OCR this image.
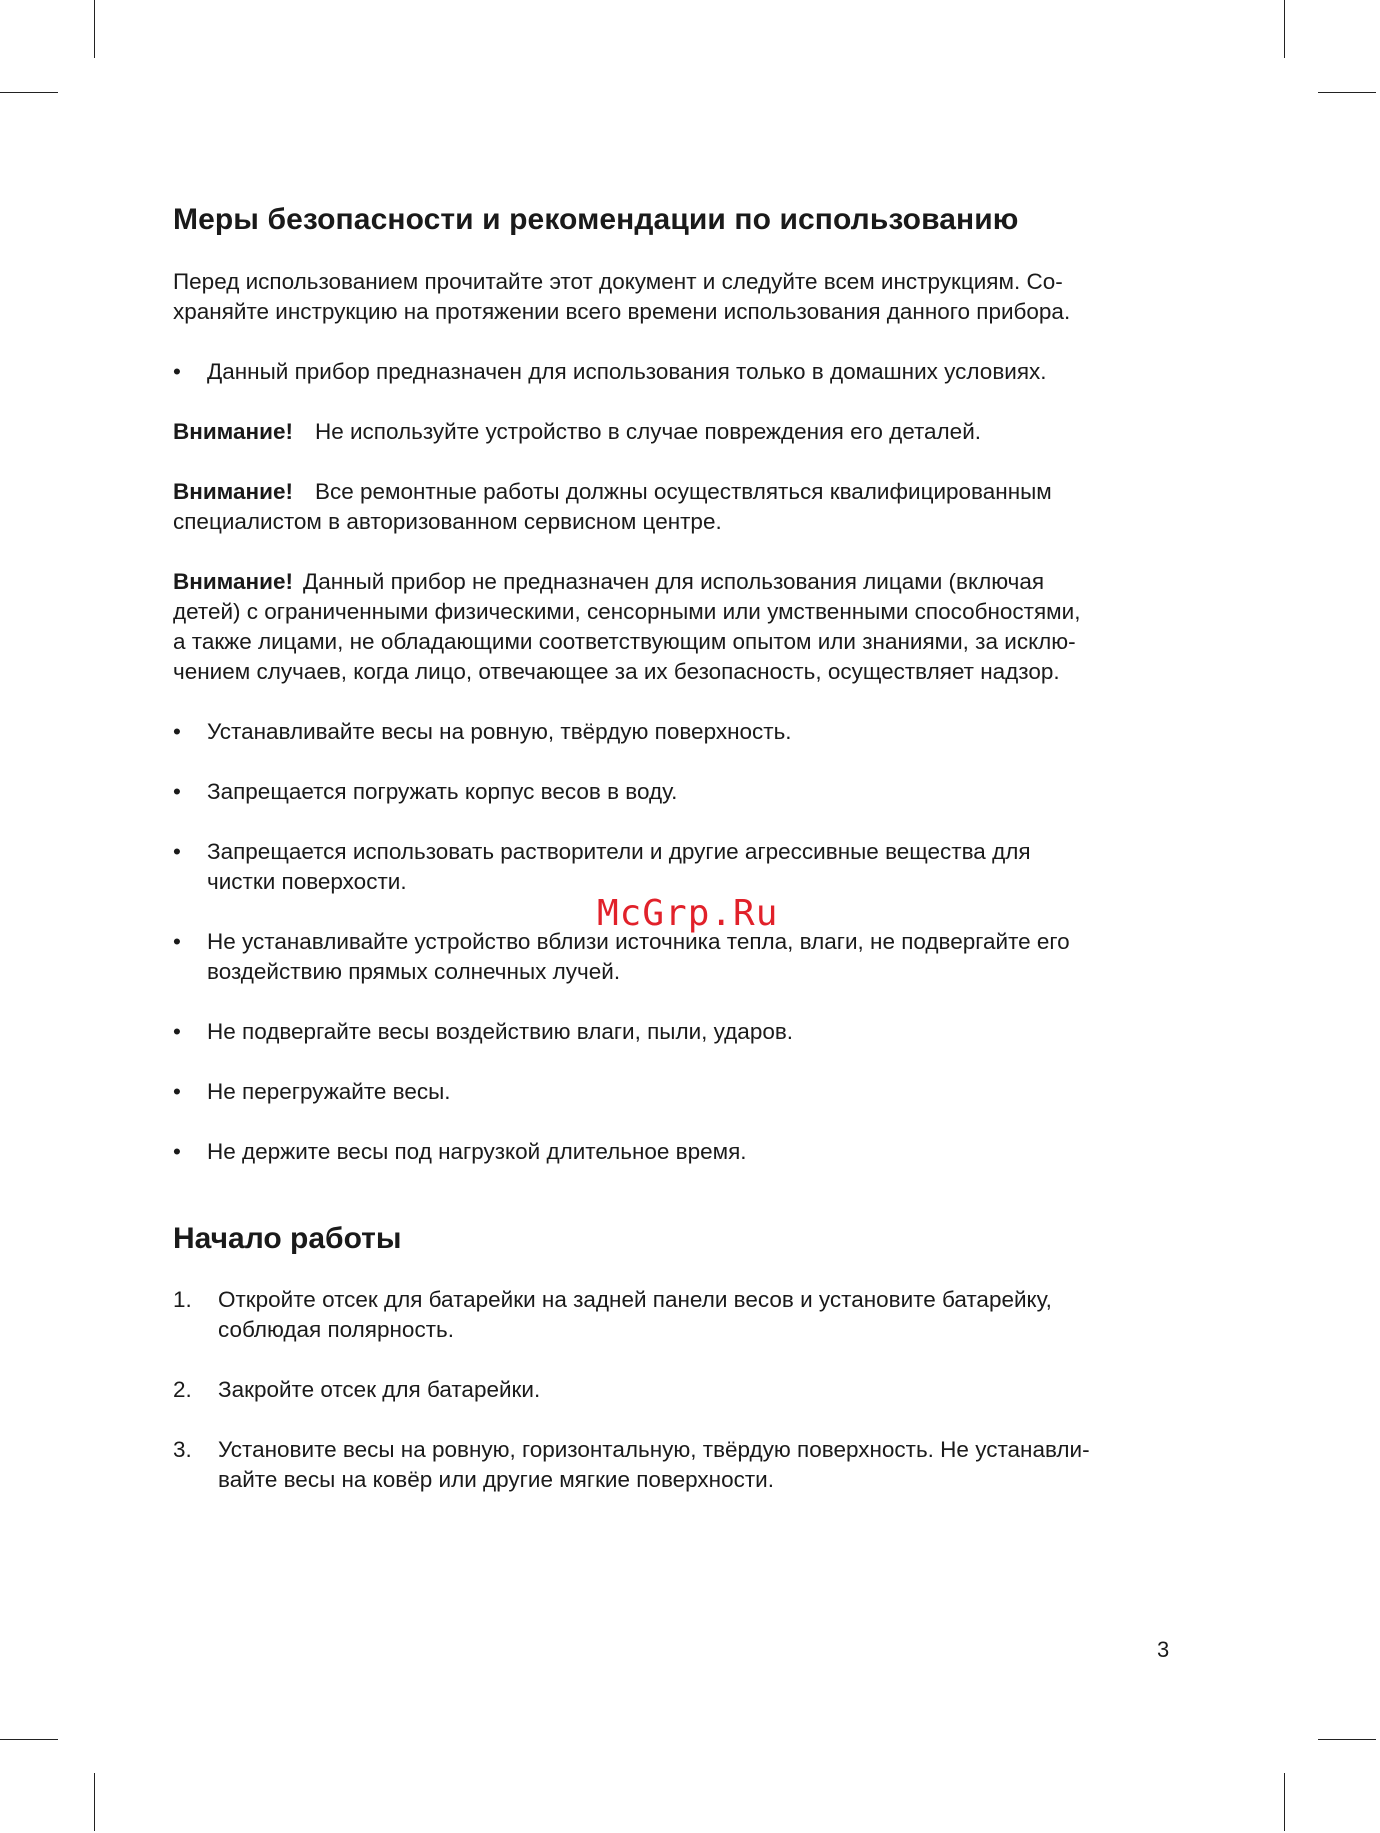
Меры безопасности и рекомендации по использованию

Перед использованием прочитайте этот документ и следуйте всем инструкциям. Со-
храняйте инструкцию на протяжении всего времени использования данного прибора.

•	Данный прибор предназначен для использования только в домашних условиях.
Внимание! Не используйте устройство в случае повреждения его деталей.
Внимание! Все ремонтные работы должны осуществляться квалифицированным
специалистом в авторизованном сервисном центре.
Внимание! Данный прибор не предназначен для использования лицами (включая
детей) с ограниченными физическими, сенсорными или умственными способностями,
а также лицами, не обладающими соответствующим опытом или знаниями, за исклю-
чением случаев, когда лицо, отвечающее за их безопасность, осуществляет надзор.
•	Устанавливайте весы на ровную, твёрдую поверхность.
•	Запрещается погружать корпус весов в воду.
•	Запрещается использовать растворители и другие агрессивные вещества для
чистки поверхости.
•	Не устанавливайте устройство вблизи источника тепла, влаги, не подвергайте его
воздействию прямых солнечных лучей.
•	Не подвергайте весы воздействию влаги, пыли, ударов.
•	Не перегружайте весы.
•	Не держите весы под нагрузкой длительное время.
Начало работы
1.	Откройте отсек для батарейки на задней панели весов и установите батарейку,
соблюдая полярность.
2.	Закройте отсек для батарейки.
3.	Установите весы на ровную, горизонтальную, твёрдую поверхность. Не устанавли-
вайте весы на ковёр или другие мягкие поверхности.
McGrp.Ru
3
